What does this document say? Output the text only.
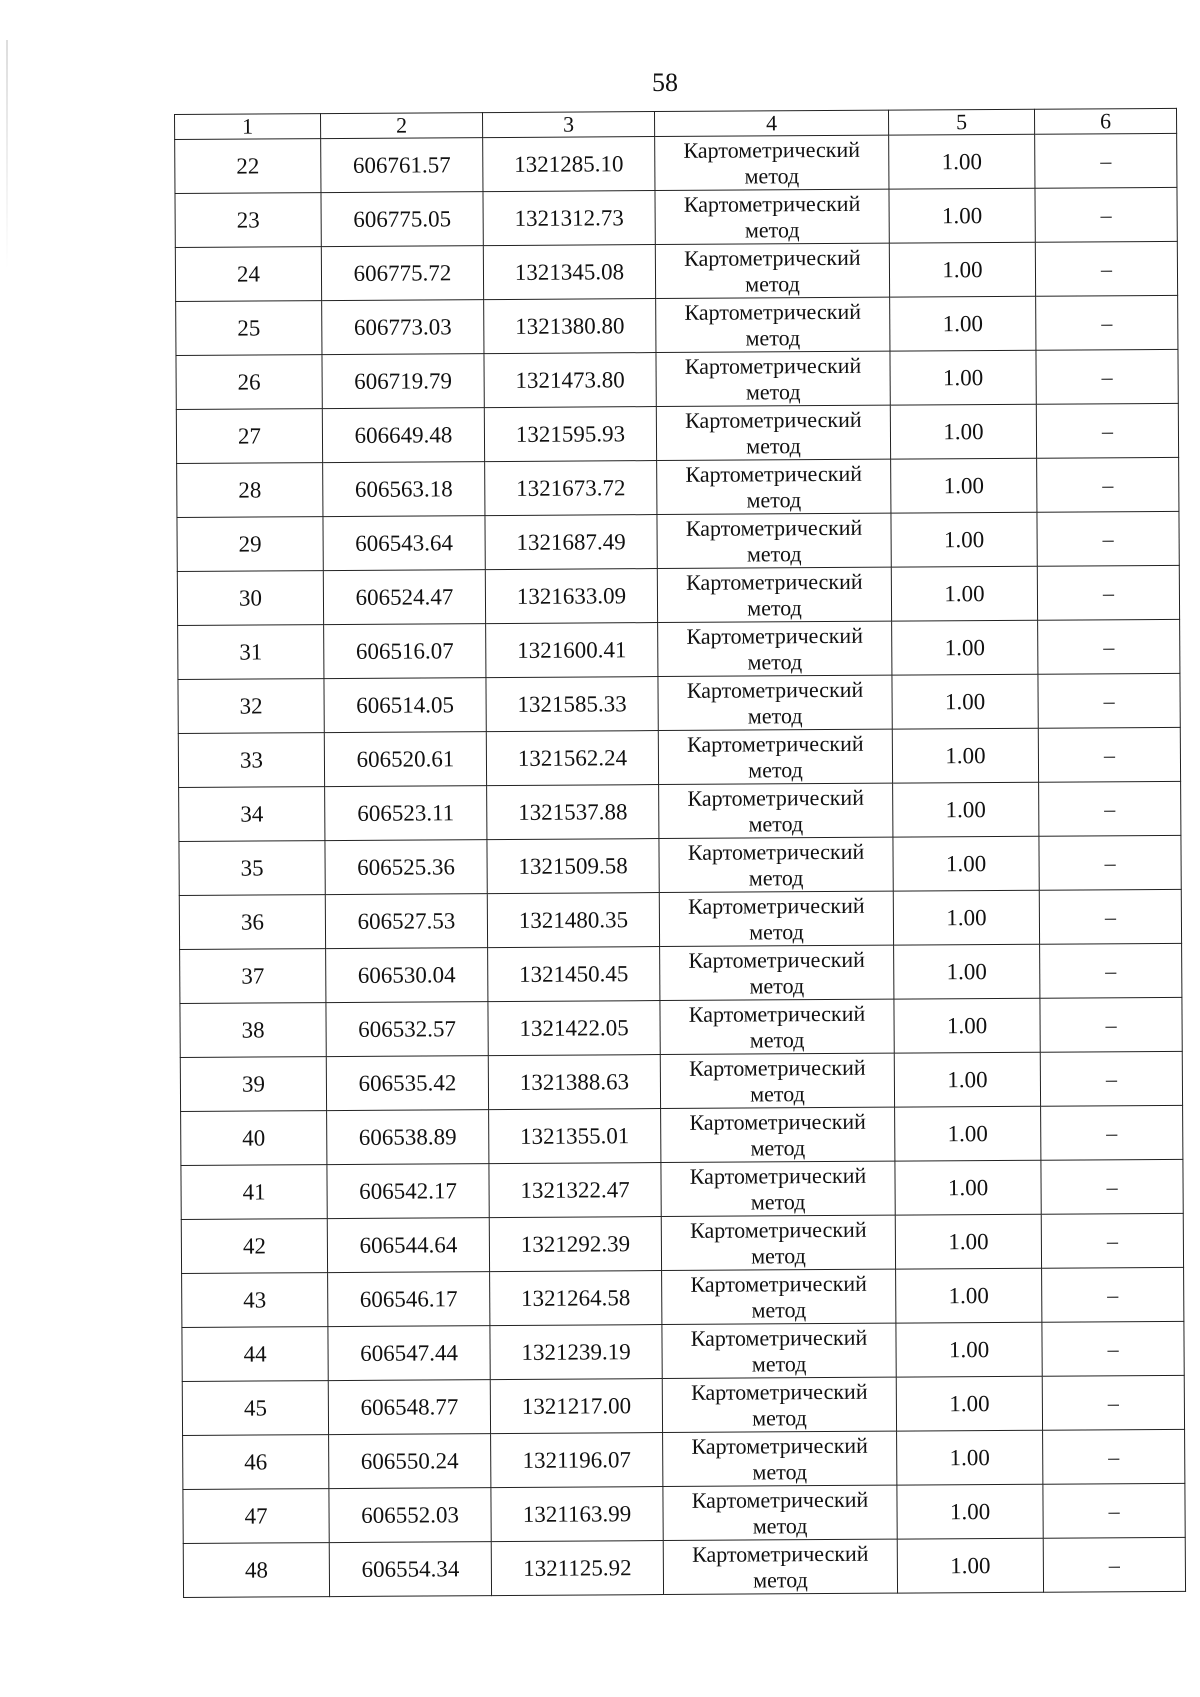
58
1	2	3	4	5	6
22	606761.57	1321285.10	Картометрический метод	1.00	–
23	606775.05	1321312.73	Картометрический метод	1.00	–
24	606775.72	1321345.08	Картометрический метод	1.00	–
25	606773.03	1321380.80	Картометрический метод	1.00	–
26	606719.79	1321473.80	Картометрический метод	1.00	–
27	606649.48	1321595.93	Картометрический метод	1.00	–
28	606563.18	1321673.72	Картометрический метод	1.00	–
29	606543.64	1321687.49	Картометрический метод	1.00	–
30	606524.47	1321633.09	Картометрический метод	1.00	–
31	606516.07	1321600.41	Картометрический метод	1.00	–
32	606514.05	1321585.33	Картометрический метод	1.00	–
33	606520.61	1321562.24	Картометрический метод	1.00	–
34	606523.11	1321537.88	Картометрический метод	1.00	–
35	606525.36	1321509.58	Картометрический метод	1.00	–
36	606527.53	1321480.35	Картометрический метод	1.00	–
37	606530.04	1321450.45	Картометрический метод	1.00	–
38	606532.57	1321422.05	Картометрический метод	1.00	–
39	606535.42	1321388.63	Картометрический метод	1.00	–
40	606538.89	1321355.01	Картометрический метод	1.00	–
41	606542.17	1321322.47	Картометрический метод	1.00	–
42	606544.64	1321292.39	Картометрический метод	1.00	–
43	606546.17	1321264.58	Картометрический метод	1.00	–
44	606547.44	1321239.19	Картометрический метод	1.00	–
45	606548.77	1321217.00	Картометрический метод	1.00	–
46	606550.24	1321196.07	Картометрический метод	1.00	–
47	606552.03	1321163.99	Картометрический метод	1.00	–
48	606554.34	1321125.92	Картометрический метод	1.00	–
